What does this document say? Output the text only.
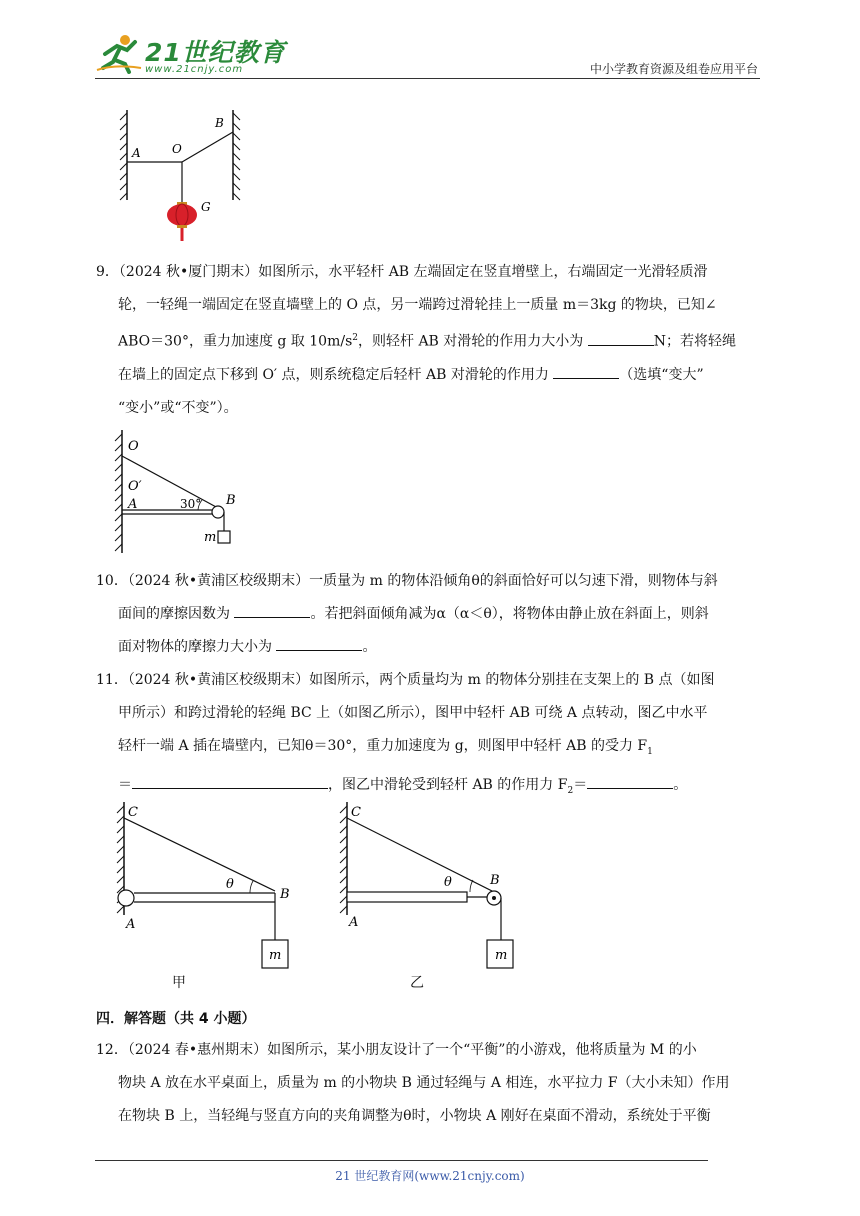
21世纪教育
www.21cnjy.com	中小学教育资源及组卷应用平台
A	O
B
G
9．（2024 秋•厦门期末）如图所示，水平轻杆 AB 左端固定在竖直增壁上，右端固定一光滑轻质滑
轮，一轻绳一端固定在竖直墙壁上的 O 点，另一端跨过滑轮挂上一质量 m＝3kg 的物块，已知∠
ABO＝30°，重力加速度 g 取 $10m/s^2$，则轻杆 AB 对滑轮的作用力大小为	N；若将轻绳
在墙上的固定点下移到 O′ 点，则系统稳定后轻杆 AB 对滑轮的作用力	（选填“变大”
“变小”或“不变”）。
O
O′
A	30° B
m
10．（2024 秋•黄浦区校级期末）一质量为 m 的物体沿倾角θ的斜面恰好可以匀速下滑，则物体与斜
面间的摩擦因数为	。若把斜面倾角减为α（α＜θ），将物体由静止放在斜面上，则斜
面对物体的摩擦力大小为	。
11．（2024 秋•黄浦区校级期末）如图所示，两个质量均为 m 的物体分别挂在支架上的 B 点（如图
甲所示）和跨过滑轮的轻绳 BC 上（如图乙所示），图甲中轻杆 AB 可绕 A 点转动，图乙中水平
轻杆一端 A 插在墙壁内，已知θ＝30°，重力加速度为 g，则图甲中轻杆 AB 的受力 $F_1$
＝	，图乙中滑轮受到轻杆 AB 的作用力 $F_2=$	。
C
θ
B
A
m
甲
C
θ	B
A
m
乙
四．解答题（共 4 小题）
12．（2024 春•惠州期末）如图所示，某小朋友设计了一个“平衡”的小游戏，他将质量为 M 的小
物块 A 放在水平桌面上，质量为 m 的小物块 B 通过轻绳与 A 相连，水平拉力 F（大小未知）作用
在物块 B 上，当轻绳与竖直方向的夹角调整为θ时，小物块 A 刚好在桌面不滑动，系统处于平衡
21 世纪教育网(www.21cnjy.com)
